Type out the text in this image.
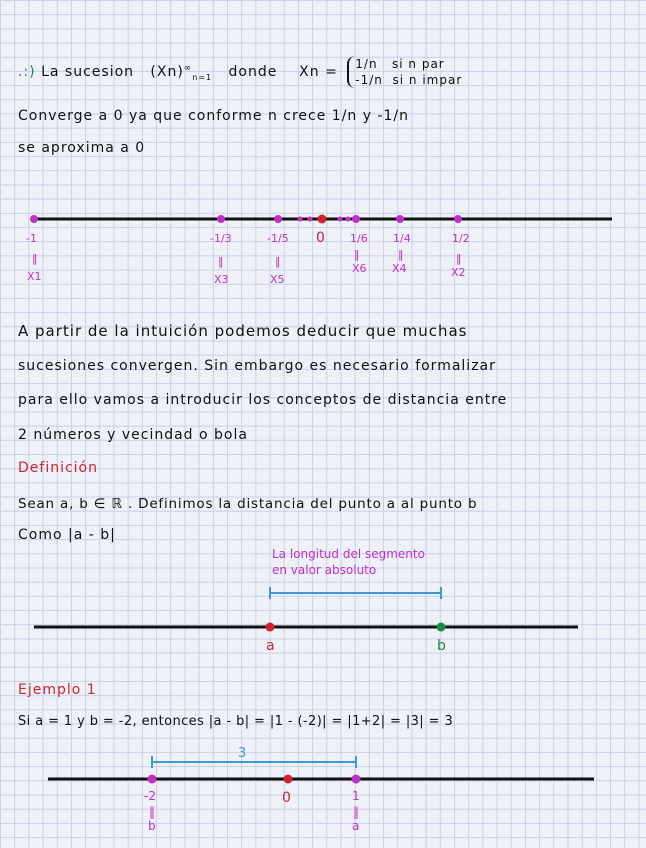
.:) La sucesion $(Xn)^\infty_{n=1}$ donde Xn = 1/n si n par
-1/n si n impar
Converge a 0 ya que conforme n crece 1/n y -1/n
se aproxima a 0
-1	-1/3	-1/5	1/6 1/4	1/2
X1	X3	X5
X6 X4	X2
‖	‖	‖
‖	‖	‖
0
a	b
3
-2
‖
b
1
‖
a
0
A partir de la intuición podemos deducir que muchas
sucesiones convergen. Sin embargo es necesario formalizar
para ello vamos a introducir los conceptos de distancia entre
2 números y vecindad o bola
Definición
Sean a, b ∈ ℝ . Definimos la distancia del punto a al punto b
Como |a - b|
La longitud del segmento
en valor absoluto
Ejemplo 1
Si a = 1 y b = -2, entonces |a - b| = |1 - (-2)| = |1+2| = |3| = 3
